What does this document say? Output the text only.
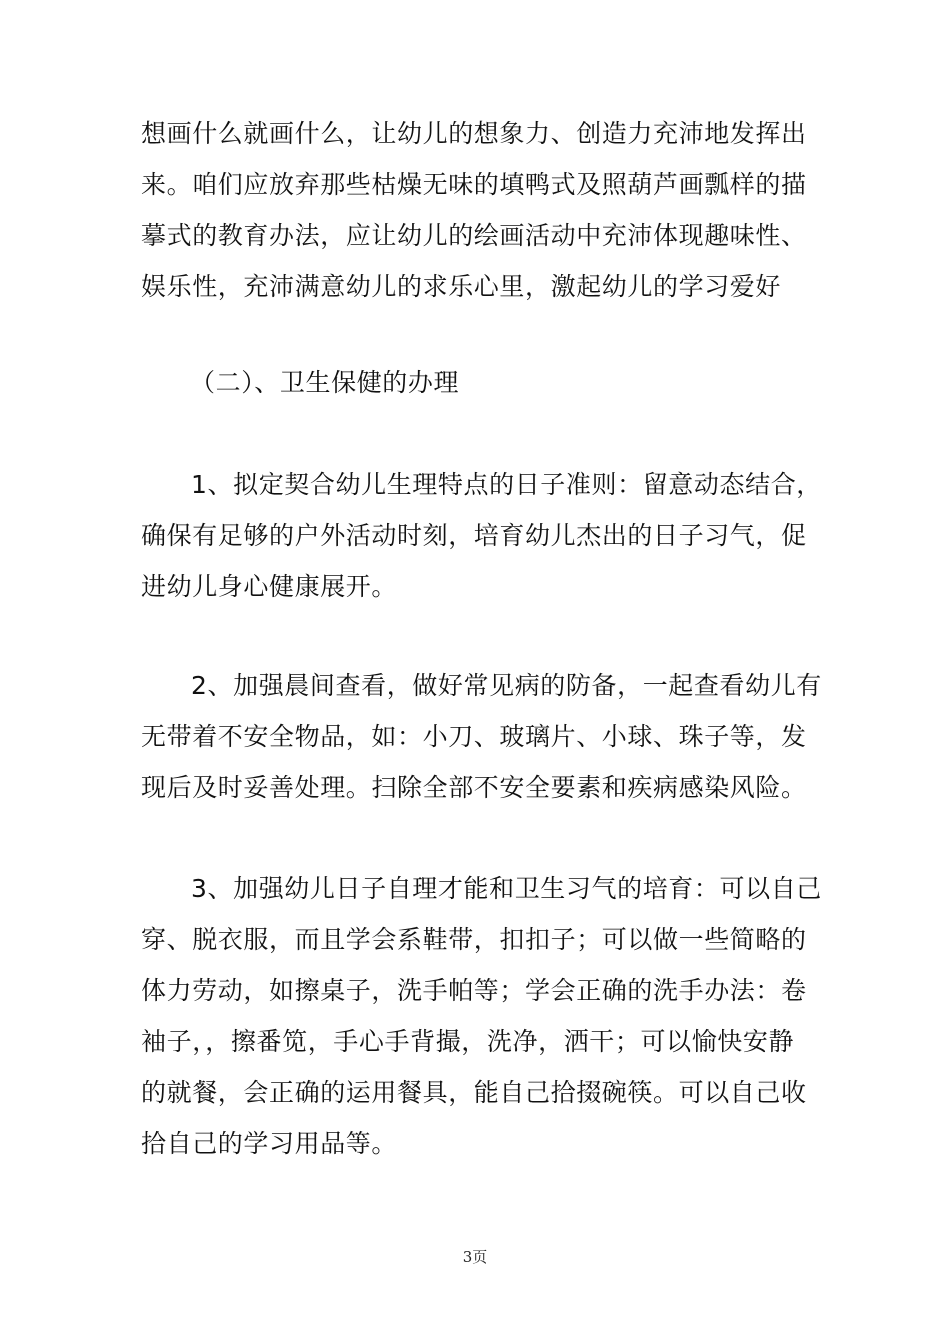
想画什么就画什么，让幼儿的想象力、创造力充沛地发挥出
来。咱们应放弃那些枯燥无味的填鸭式及照葫芦画瓢样的描
摹式的教育办法，应让幼儿的绘画活动中充沛体现趣味性、
娱乐性，充沛满意幼儿的求乐心里，激起幼儿的学习爱好

（二）、卫生保健的办理

1、拟定契合幼儿生理特点的日子准则：留意动态结合，
确保有足够的户外活动时刻，培育幼儿杰出的日子习气，促
进幼儿身心健康展开。

2、加强晨间查看，做好常见病的防备，一起查看幼儿有
无带着不安全物品，如：小刀、玻璃片、小球、珠子等，发
现后及时妥善处理。扫除全部不安全要素和疾病感染风险。

3、加强幼儿日子自理才能和卫生习气的培育：可以自己
穿、脱衣服，而且学会系鞋带，扣扣子；可以做一些简略的
体力劳动，如擦桌子，洗手帕等；学会正确的洗手办法：卷
袖子，，擦番笕，手心手背撮，洗净，洒干；可以愉快安静
的就餐，会正确的运用餐具，能自己拾掇碗筷。可以自己收
拾自己的学习用品等。

3页
